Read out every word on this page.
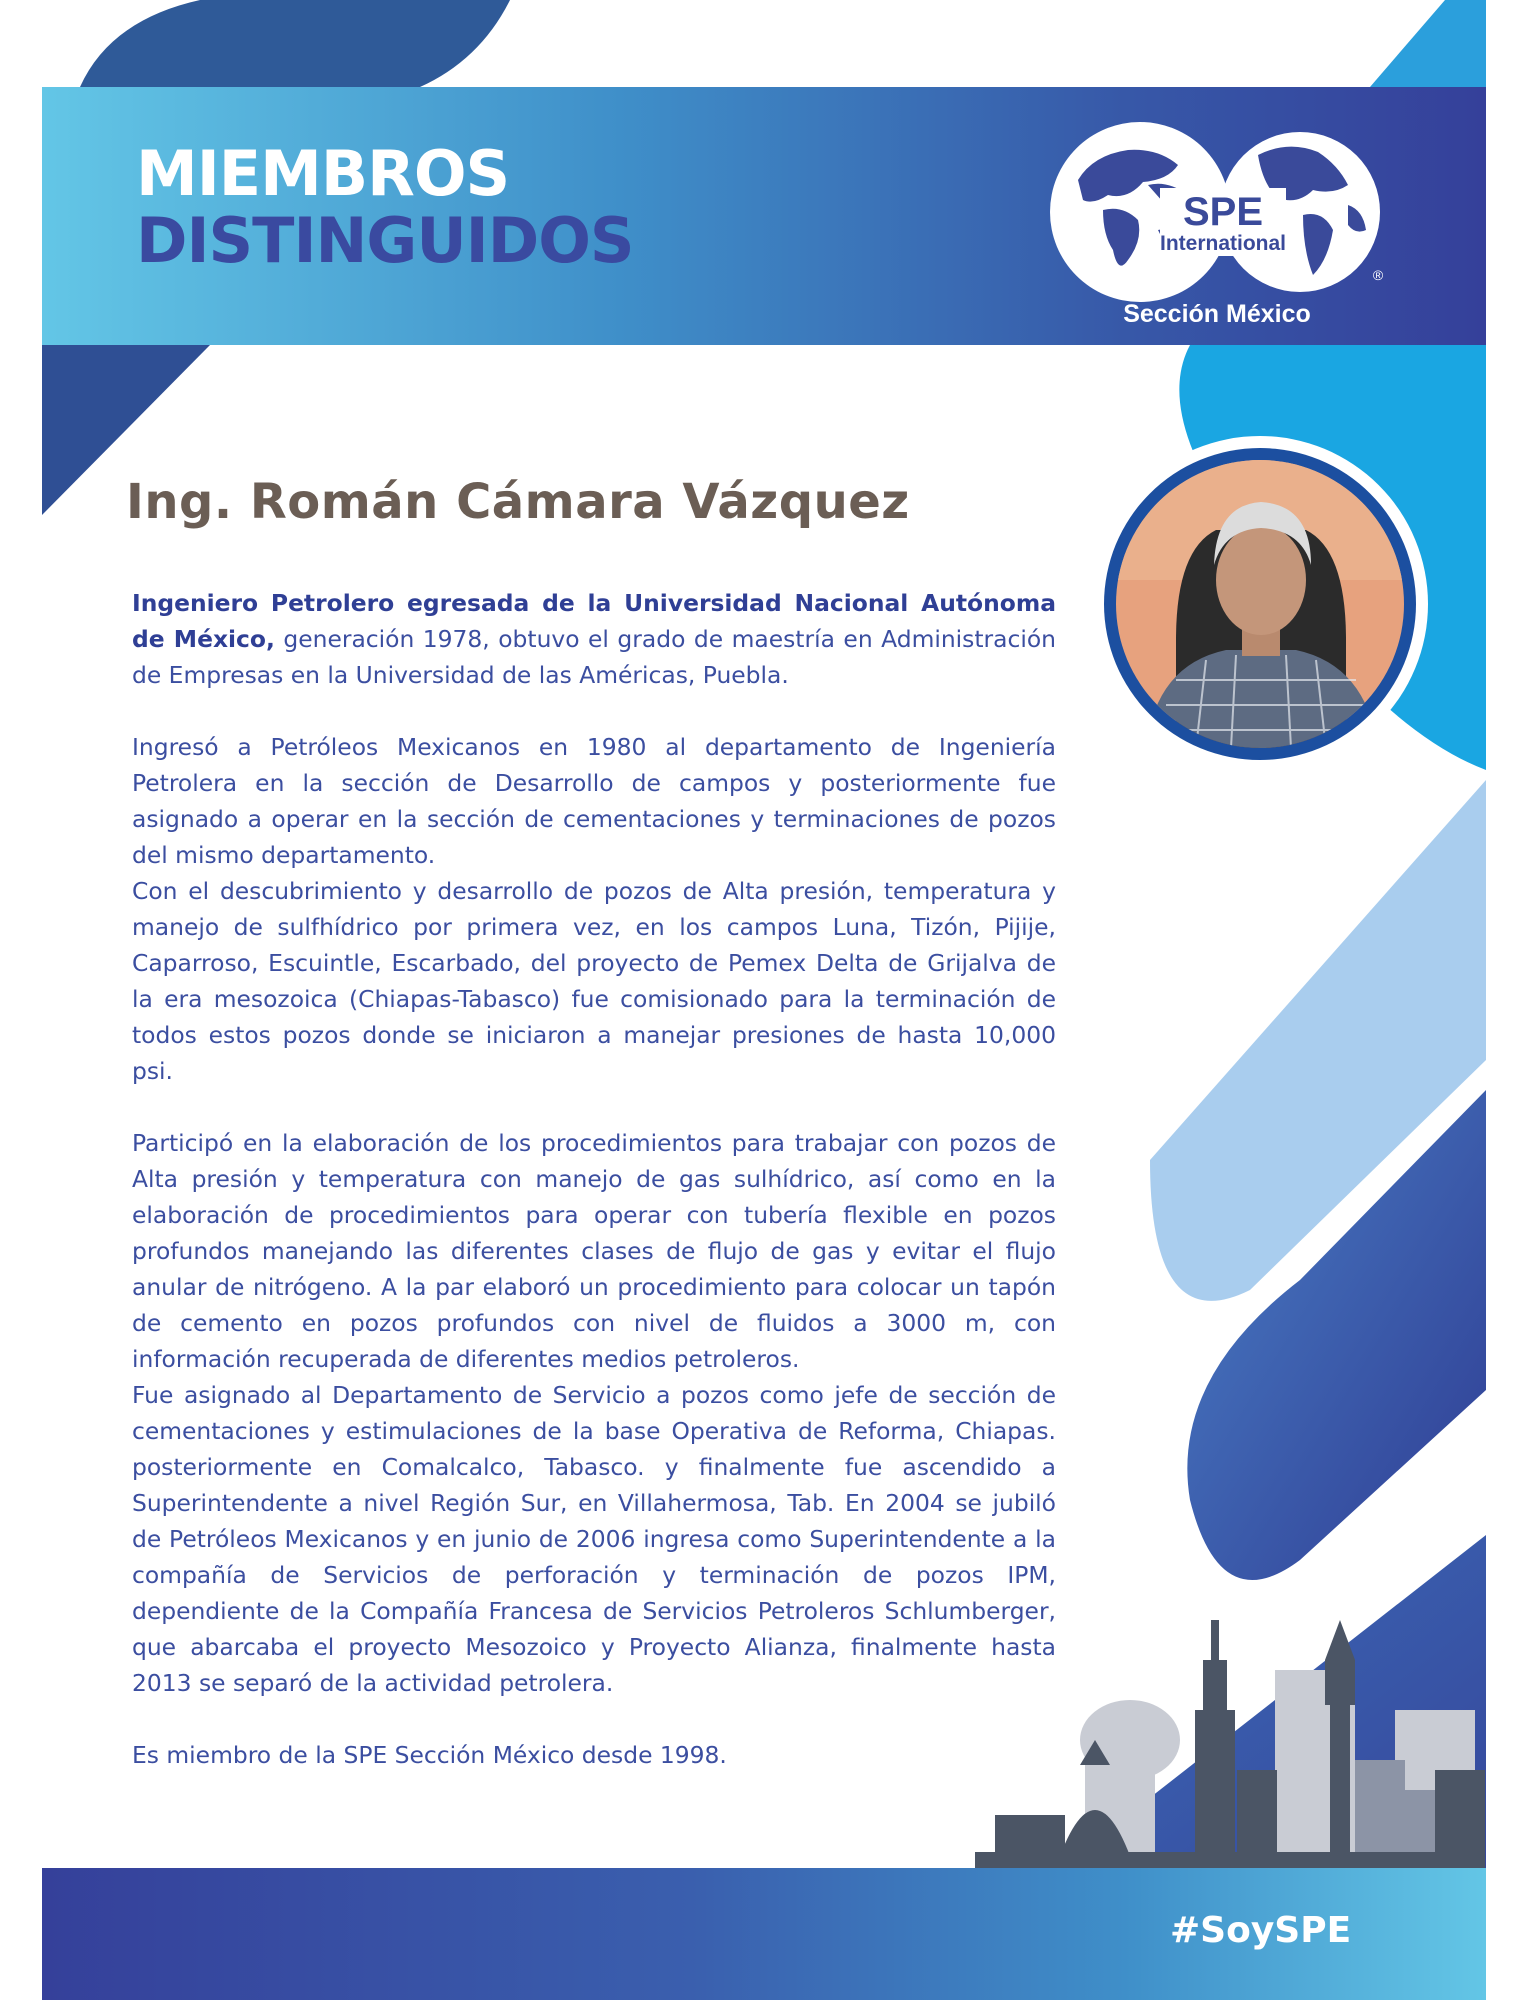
MIEMBROS
DISTINGUIDOS	SPE
International
®
Sección México
Ing. Román Cámara Vázquez

Ingeniero Petrolero egresada de la Universidad Nacional Autónoma de México, generación 1978, obtuvo el grado de maestría en Administración de Empresas en la Universidad de las Américas, Puebla.

Ingresó a Petróleos Mexicanos en 1980 al departamento de Ingeniería Petrolera en la sección de Desarrollo de campos y posteriormente fue asignado a operar en la sección de cementaciones y terminaciones de pozos del mismo departamento.

Con el descubrimiento y desarrollo de pozos de Alta presión, temperatura y manejo de sulfhídrico por primera vez, en los campos Luna, Tizón, Pijije, Caparroso, Escuintle, Escarbado, del proyecto de Pemex Delta de Grijalva de la era mesozoica (Chiapas-Tabasco) fue comisionado para la terminación de todos estos pozos donde se iniciaron a manejar presiones de hasta 10,000 psi.

Participó en la elaboración de los procedimientos para trabajar con pozos de Alta presión y temperatura con manejo de gas sulhídrico, así como en la elaboración de procedimientos para operar con tubería flexible en pozos profundos manejando las diferentes clases de flujo de gas y evitar el flujo anular de nitrógeno. A la par elaboró un procedimiento para colocar un tapón de cemento en pozos profundos con nivel de fluidos a 3000 m, con información recuperada de diferentes medios petroleros.

Fue asignado al Departamento de Servicio a pozos como jefe de sección de cementaciones y estimulaciones de la base Operativa de Reforma, Chiapas. posteriormente en Comalcalco, Tabasco. y finalmente fue ascendido a Superintendente a nivel Región Sur, en Villahermosa, Tab. En 2004 se jubiló de Petróleos Mexicanos y en junio de 2006 ingresa como Superintendente a la compañía de Servicios de perforación y terminación de pozos IPM, dependiente de la Compañía Francesa de Servicios Petroleros Schlumberger, que abarcaba el proyecto Mesozoico y Proyecto Alianza, finalmente hasta 2013 se separó de la actividad petrolera.

Es miembro de la SPE Sección México desde 1998.

#SoySPE
